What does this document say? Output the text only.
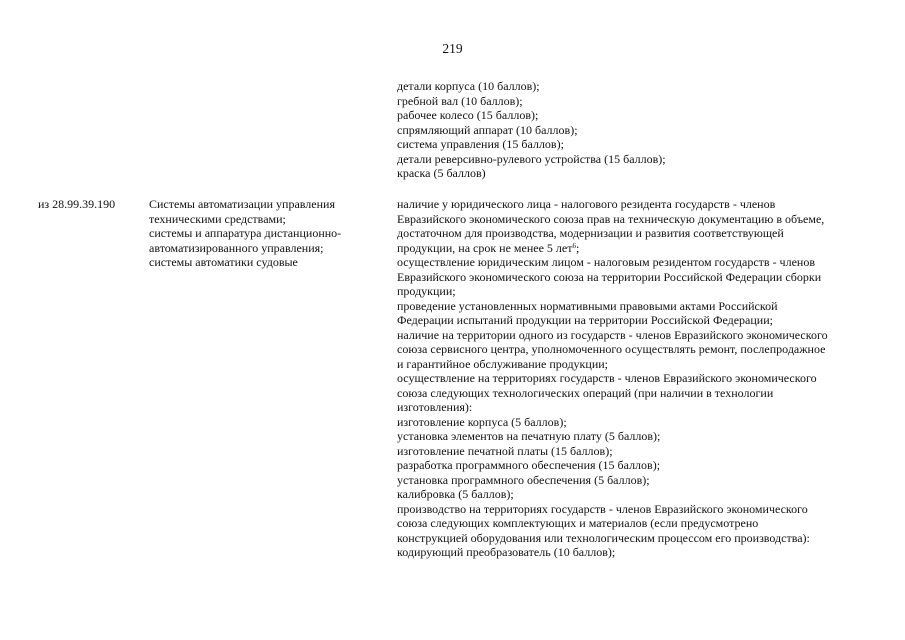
219
детали корпуса (10 баллов);
гребной вал (10 баллов);
рабочее колесо (15 баллов);
спрямляющий аппарат (10 баллов);
система управления (15 баллов);
детали реверсивно-рулевого устройства (15 баллов);
краска (5 баллов)
из 28.99.39.190	Системы автоматизации управления
техническими средствами;
системы и аппаратура дистанционно-
автоматизированного управления;
системы автоматики судовые
наличие у юридического лица - налогового резидента государств - членов
Евразийского экономического союза прав на техническую документацию в объеме,
достаточном для производства, модернизации и развития соответствующей
продукции, на срок не менее 5 лет$^6$;
осуществление юридическим лицом - налоговым резидентом государств - членов
Евразийского экономического союза на территории Российской Федерации сборки
продукции;
проведение установленных нормативными правовыми актами Российской
Федерации испытаний продукции на территории Российской Федерации;
наличие на территории одного из государств - членов Евразийского экономического
союза сервисного центра, уполномоченного осуществлять ремонт, послепродажное
и гарантийное обслуживание продукции;
осуществление на территориях государств - членов Евразийского экономического
союза следующих технологических операций (при наличии в технологии
изготовления):
изготовление корпуса (5 баллов);
установка элементов на печатную плату (5 баллов);
изготовление печатной платы (15 баллов);
разработка программного обеспечения (15 баллов);
установка программного обеспечения (5 баллов);
калибровка (5 баллов);
производство на территориях государств - членов Евразийского экономического
союза следующих комплектующих и материалов (если предусмотрено
конструкцией оборудования или технологическим процессом его производства):
кодирующий преобразователь (10 баллов);
